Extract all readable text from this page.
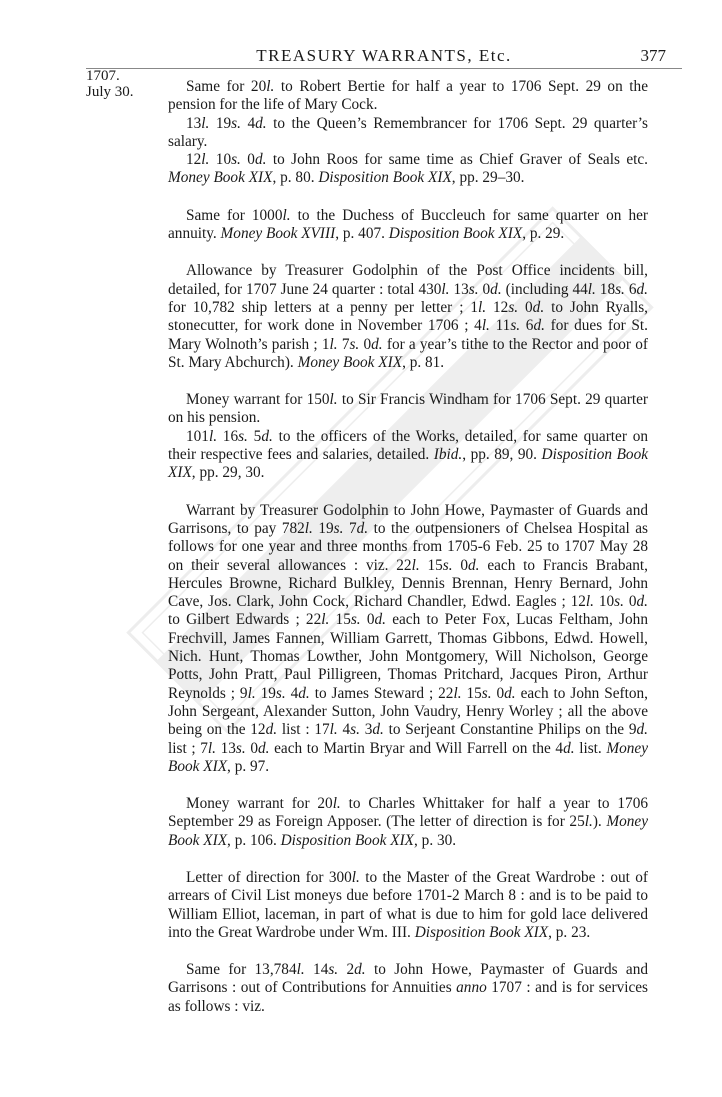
TREASURY WARRANTS, Etc.	377
1707.
July 30.	Same for 20l. to Robert Bertie for half a year to 1706 Sept. 29 on the pension for the life of Mary Cock.

13l. 19s. 4d. to the Queen’s Remembrancer for 1706 Sept. 29 quarter’s salary.

12l. 10s. 0d. to John Roos for same time as Chief Graver of Seals etc. Money Book XIX, p. 80. Disposition Book XIX, pp. 29–30.

Same for 1000l. to the Duchess of Buccleuch for same quarter on her annuity. Money Book XVIII, p. 407. Disposition Book XIX, p. 29.

Allowance by Treasurer Godolphin of the Post Office incidents bill, detailed, for 1707 June 24 quarter : total 430l. 13s. 0d. (including 44l. 18s. 6d. for 10,782 ship letters at a penny per letter ; 1l. 12s. 0d. to John Ryalls, stonecutter, for work done in November 1706 ; 4l. 11s. 6d. for dues for St. Mary Wolnoth’s parish ; 1l. 7s. 0d. for a year’s tithe to the Rector and poor of St. Mary Abchurch). Money Book XIX, p. 81.

Money warrant for 150l. to Sir Francis Windham for 1706 Sept. 29 quarter on his pension.

101l. 16s. 5d. to the officers of the Works, detailed, for same quarter on their respective fees and salaries, detailed. Ibid., pp. 89, 90. Disposition Book XIX, pp. 29, 30.

Warrant by Treasurer Godolphin to John Howe, Paymaster of Guards and Garrisons, to pay 782l. 19s. 7d. to the outpensioners of Chelsea Hospital as follows for one year and three months from 1705-6 Feb. 25 to 1707 May 28 on their several allowances : viz. 22l. 15s. 0d. each to Francis Brabant, Hercules Browne, Richard Bulkley, Dennis Brennan, Henry Bernard, John Cave, Jos. Clark, John Cock, Richard Chandler, Edwd. Eagles ; 12l. 10s. 0d. to Gilbert Edwards ; 22l. 15s. 0d. each to Peter Fox, Lucas Feltham, John Frechvill, James Fannen, William Garrett, Thomas Gibbons, Edwd. Howell, Nich. Hunt, Thomas Lowther, John Montgomery, Will Nicholson, George Potts, John Pratt, Paul Pilligreen, Thomas Pritchard, Jacques Piron, Arthur Reynolds ; 9l. 19s. 4d. to James Steward ; 22l. 15s. 0d. each to John Sefton, John Sergeant, Alexander Sutton, John Vaudry, Henry Worley ; all the above being on the 12d. list : 17l. 4s. 3d. to Serjeant Constantine Philips on the 9d. list ; 7l. 13s. 0d. each to Martin Bryar and Will Farrell on the 4d. list. Money Book XIX, p. 97.

Money warrant for 20l. to Charles Whittaker for half a year to 1706 September 29 as Foreign Apposer. (The letter of direction is for 25l.). Money Book XIX, p. 106. Disposition Book XIX, p. 30.

Letter of direction for 300l. to the Master of the Great Wardrobe : out of arrears of Civil List moneys due before 1701-2 March 8 : and is to be paid to William Elliot, laceman, in part of what is due to him for gold lace delivered into the Great Wardrobe under Wm. III. Disposition Book XIX, p. 23.

Same for 13,784l. 14s. 2d. to John Howe, Paymaster of Guards and Garrisons : out of Contributions for Annuities anno 1707 : and is for services as follows : viz.
